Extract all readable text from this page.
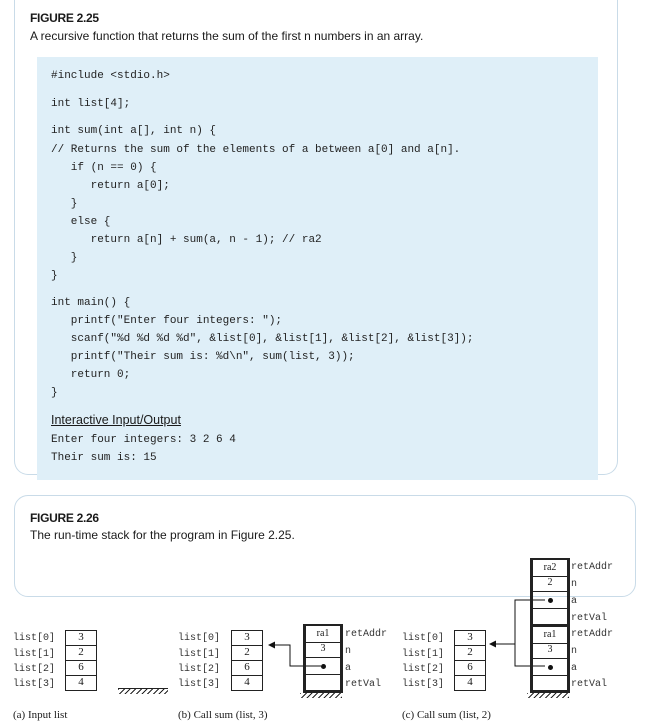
FIGURE 2.25
A recursive function that returns the sum of the first n numbers in an array.
#include <stdio.h>
int list[4];
int sum(int a[], int n) {
// Returns the sum of the elements of a between a[0] and a[n].
if (n == 0) {
return a[0];
}
else {
return a[n] + sum(a, n - 1); // ra2
}
}
int main() {
printf("Enter four integers: ");
scanf("%d %d %d %d", &list[0], &list[1], &list[2], &list[3]);
printf("Their sum is: %d\n", sum(list, 3));
return 0;
}
Interactive Input/Output
Enter four integers: 3 2 6 4
Their sum is: 15
FIGURE 2.26
The run-time stack for the program in Figure 2.25.
list[0]
list[1]
list[2]
list[3]
3
2
6
4
(a) Input list
list[0]
list[1]
list[2]
list[3]
3
2
6
4
ra1
3
retAddr
n
a
retVal
(b) Call sum (list, 3)
list[0]
list[1]
list[2]
list[3]
3
2
6
4
ra2
2
ra1
3
retAddr
n
a
retVal
retAddr
n
a
retVal
(c) Call sum (list, 2)
